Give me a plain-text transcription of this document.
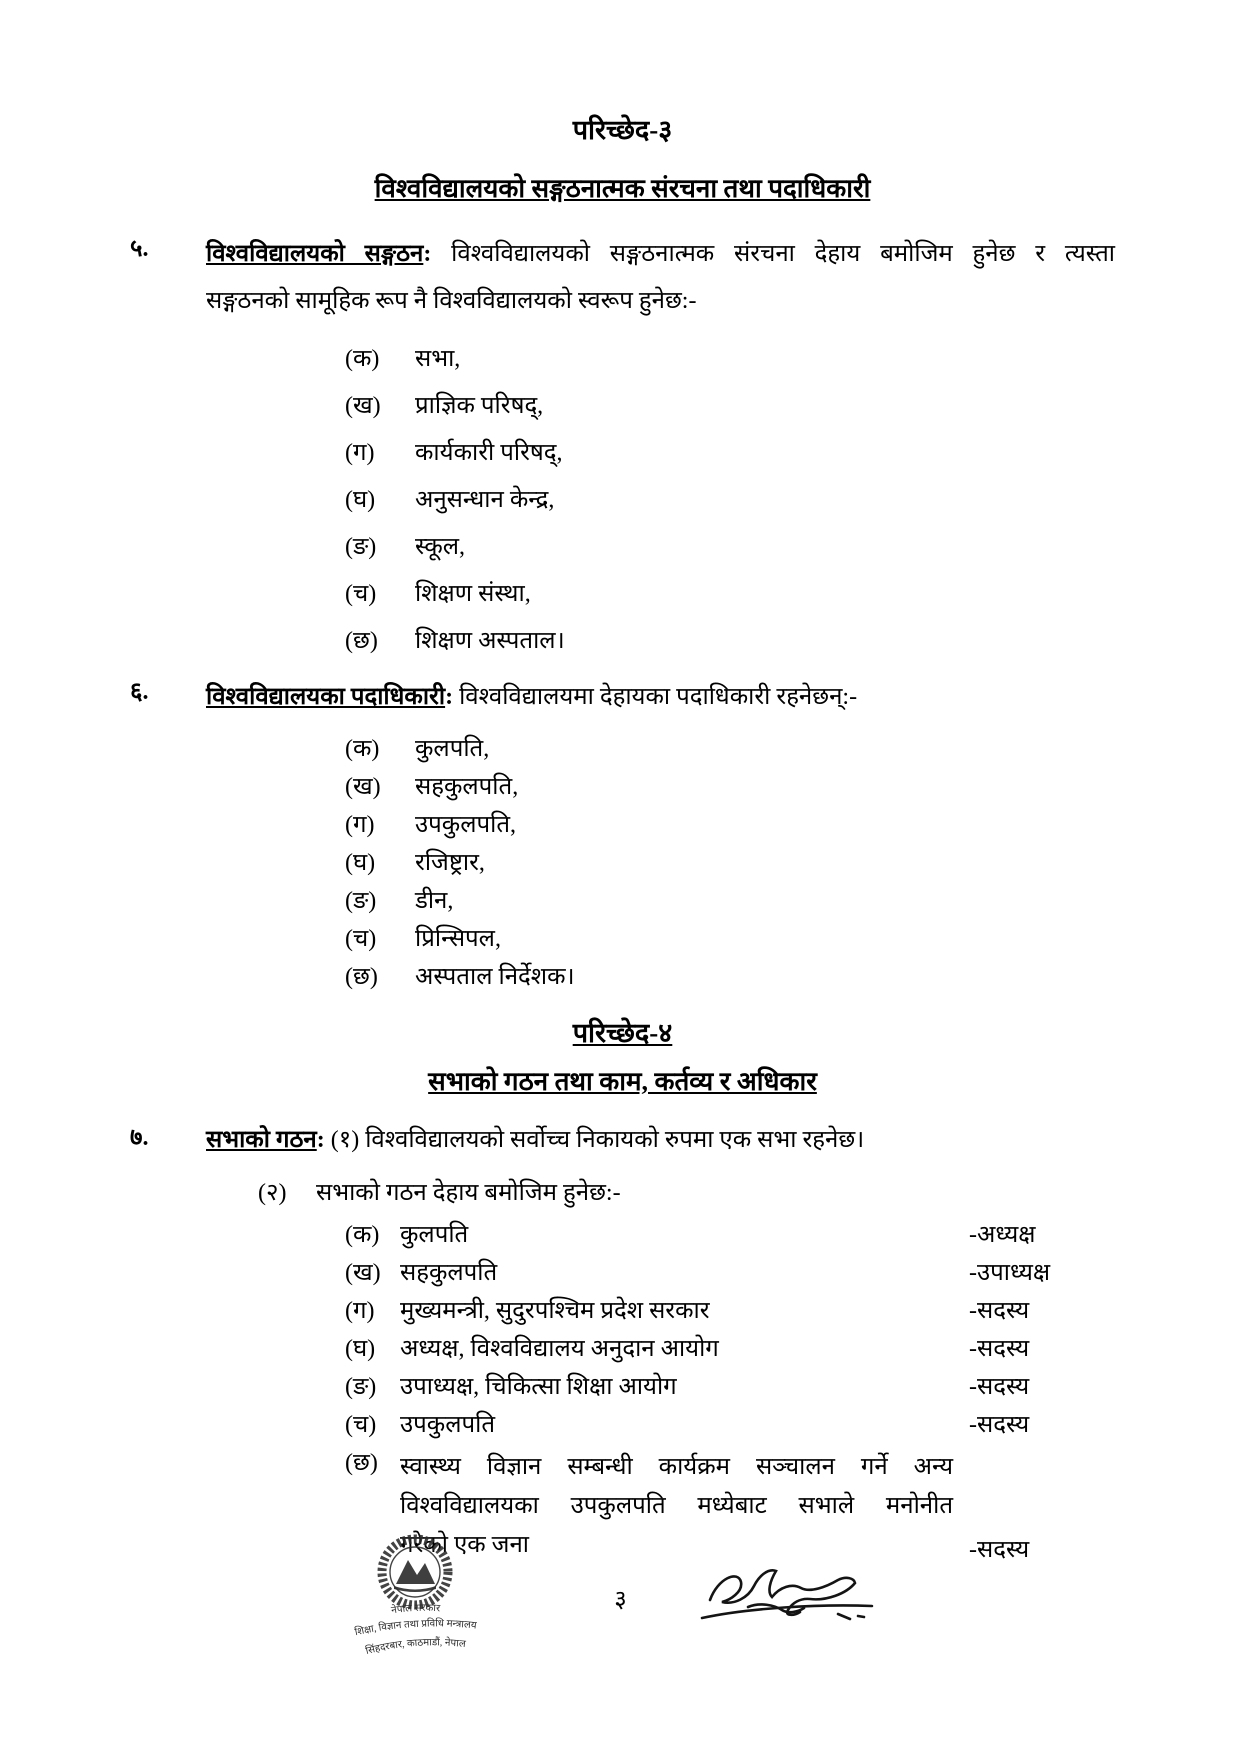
परिच्छेद-३
विश्वविद्यालयको सङ्गठनात्मक संरचना तथा पदाधिकारी
५.	विश्वविद्यालयको सङ्गठन: विश्वविद्यालयको सङ्गठनात्मक संरचना देहाय बमोजिम हुनेछ र त्यस्ता
सङ्गठनको सामूहिक रूप नै विश्वविद्यालयको स्वरूप हुनेछ:-
(क)	सभा,
(ख)	प्राज्ञिक परिषद्,
(ग)	कार्यकारी परिषद्,
(घ)	अनुसन्धान केन्द्र,
(ङ)	स्कूल,
(च)	शिक्षण संस्था,
(छ)	शिक्षण अस्पताल।
६.	विश्वविद्यालयका पदाधिकारी: विश्वविद्यालयमा देहायका पदाधिकारी रहनेछन्:-
(क)	कुलपति,
(ख)	सहकुलपति,
(ग)	उपकुलपति,
(घ)	रजिष्ट्रार,
(ङ)	डीन,
(च)	प्रिन्सिपल,
(छ)	अस्पताल निर्देशक।
परिच्छेद-४
सभाको गठन तथा काम, कर्तव्य र अधिकार
७.	सभाको गठन: (१) विश्वविद्यालयको सर्वोच्च निकायको रुपमा एक सभा रहनेछ।
(२)	सभाको गठन देहाय बमोजिम हुनेछ:-
(क) कुलपति	-अध्यक्ष
(ख) सहकुलपति	-उपाध्यक्ष
(ग)	मुख्यमन्त्री, सुदुरपश्चिम प्रदेश सरकार	-सदस्य
(घ)	अध्यक्ष, विश्वविद्यालय अनुदान आयोग	-सदस्य
(ङ) उपाध्यक्ष, चिकित्सा शिक्षा आयोग	-सदस्य
(च) उपकुलपति	-सदस्य
(छ) स्वास्थ्य विज्ञान सम्बन्धी कार्यक्रम सञ्चालन गर्ने अन्य
विश्वविद्यालयका उपकुलपति मध्येबाट सभाले मनोनीत
गरेको एक जना	-सदस्य
नेपाल सरकार
शिक्षा, विज्ञान तथा प्रविधि मन्त्रालय
सिंहदरबार, काठमाडौं, नेपाल
३
